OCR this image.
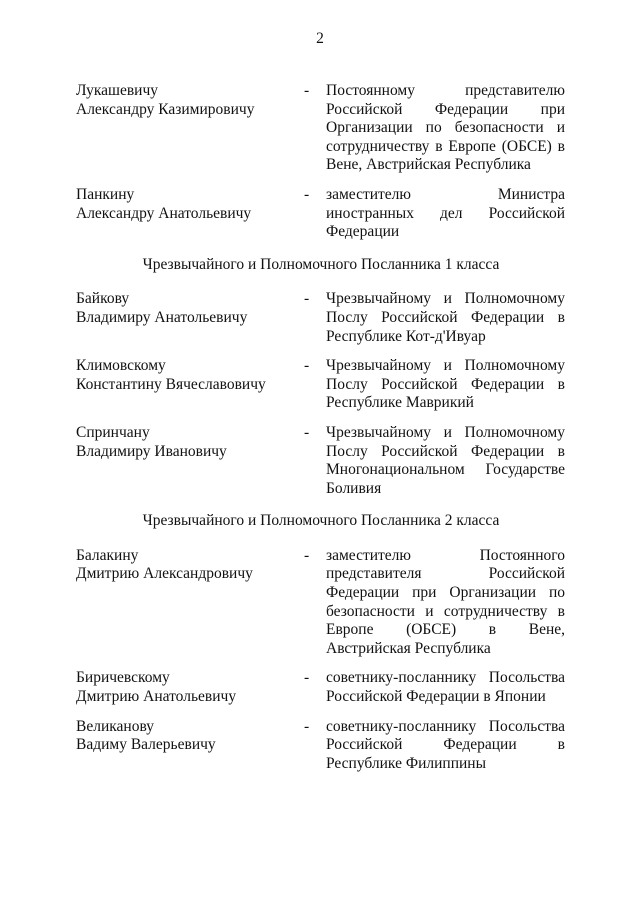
2
Лукашевичу
Александру Казимировичу
-	Постоянному представителю Российской Федерации при Организации по безопасности и сотрудничеству в Европе (ОБСЕ) в Вене, Австрийская Республика
Панкину
Александру Анатольевичу
-	заместителю Министра иностранных дел Российской Федерации
Чрезвычайного и Полномочного Посланника 1 класса
Байкову
Владимиру Анатольевичу
-	Чрезвычайному и Полномочному Послу Российской Федерации в Республике Кот-д'Ивуар
Климовскому
Константину Вячеславовичу
-	Чрезвычайному и Полномочному Послу Российской Федерации в Республике Маврикий
Спринчану
Владимиру Ивановичу
-	Чрезвычайному и Полномочному Послу Российской Федерации в Многонациональном Государстве Боливия
Чрезвычайного и Полномочного Посланника 2 класса
Балакину
Дмитрию Александровичу
-	заместителю Постоянного представителя Российской Федерации при Организации по безопасности и сотрудничеству в Европе (ОБСЕ) в Вене, Австрийская Республика
Биричевскому
Дмитрию Анатольевичу
-	советнику-посланнику Посольства Российской Федерации в Японии
Великанову
Вадиму Валерьевичу
-	советнику-посланнику Посольства Российской Федерации в Республике Филиппины
